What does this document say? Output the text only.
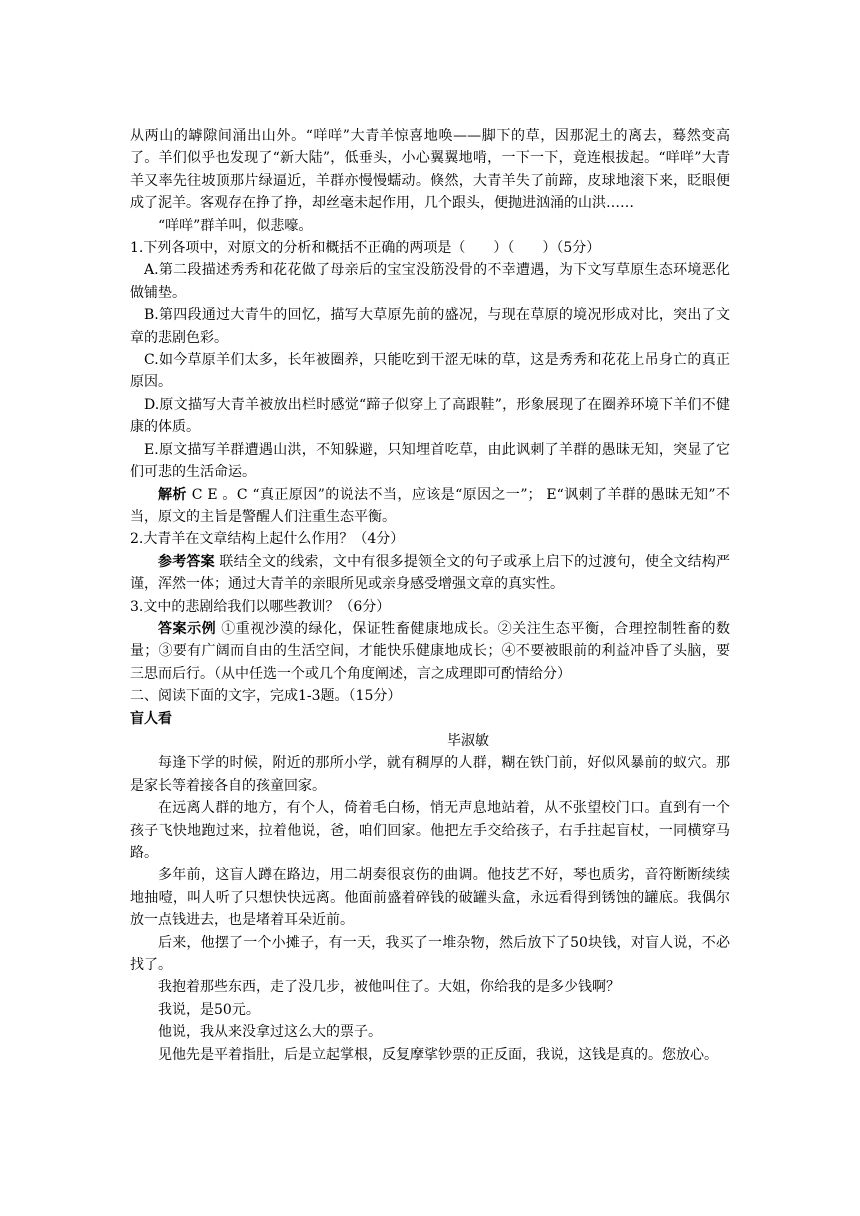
从两山的罅隙间涌出山外。“咩咩”大青羊惊喜地唤——脚下的草，因那泥土的离去，蓦然变高了。羊们似乎也发现了“新大陆”，低垂头，小心翼翼地啃，一下一下，竟连根拔起。“咩咩”大青羊又率先往坡顶那片绿逼近，羊群亦慢慢蠕动。倏然，大青羊失了前蹄，皮球地滚下来，眨眼便成了泥羊。客观存在挣了挣，却丝毫未起作用，几个跟头，便抛进汹涌的山洪……

“咩咩”群羊叫，似悲嚎。

1.下列各项中，对原文的分析和概括不正确的两项是（　　）（　　）（5分）

A.第二段描述秀秀和花花做了母亲后的宝宝没筋没骨的不幸遭遇，为下文写草原生态环境恶化做铺垫。

B.第四段通过大青牛的回忆，描写大草原先前的盛况，与现在草原的境况形成对比，突出了文章的悲剧色彩。

C.如今草原羊们太多，长年被圈养，只能吃到干涩无味的草，这是秀秀和花花上吊身亡的真正原因。

D.原文描写大青羊被放出栏时感觉“蹄子似穿上了高跟鞋”，形象展现了在圈养环境下羊们不健康的体质。

E.原文描写羊群遭遇山洪，不知躲避，只知埋首吃草，由此讽刺了羊群的愚昧无知，突显了它们可悲的生活命运。

解析 C E 。C “真正原因”的说法不当，应该是“原因之一”； E“讽刺了羊群的愚昧无知”不当，原文的主旨是警醒人们注重生态平衡。

2.大青羊在文章结构上起什么作用？（4分）

参考答案 联结全文的线索，文中有很多提领全文的句子或承上启下的过渡句，使全文结构严谨，浑然一体；通过大青羊的亲眼所见或亲身感受增强文章的真实性。

3.文中的悲剧给我们以哪些教训？（6分）

答案示例 ①重视沙漠的绿化，保证牲畜健康地成长。②关注生态平衡，合理控制牲畜的数量；③要有广阔而自由的生活空间，才能快乐健康地成长；④不要被眼前的利益冲昏了头脑，要三思而后行。（从中任选一个或几个角度阐述，言之成理即可酌情给分）

二、阅读下面的文字，完成1-3题。（15分）

盲人看

毕淑敏

每逢下学的时候，附近的那所小学，就有稠厚的人群，糊在铁门前，好似风暴前的蚁穴。那是家长等着接各自的孩童回家。

在远离人群的地方，有个人，倚着毛白杨，悄无声息地站着，从不张望校门口。直到有一个孩子飞快地跑过来，拉着他说，爸，咱们回家。他把左手交给孩子，右手拄起盲杖，一同横穿马路。

多年前，这盲人蹲在路边，用二胡奏很哀伤的曲调。他技艺不好，琴也质劣，音符断断续续地抽噎，叫人听了只想快快远离。他面前盛着碎钱的破罐头盒，永远看得到锈蚀的罐底。我偶尔放一点钱进去，也是堵着耳朵近前。

后来，他摆了一个小摊子，有一天，我买了一堆杂物，然后放下了50块钱，对盲人说，不必找了。

我抱着那些东西，走了没几步，被他叫住了。大姐，你给我的是多少钱啊？

我说，是50元。

他说，我从来没拿过这么大的票子。

见他先是平着指肚，后是立起掌根，反复摩挲钞票的正反面，我说，这钱是真的。您放心。
